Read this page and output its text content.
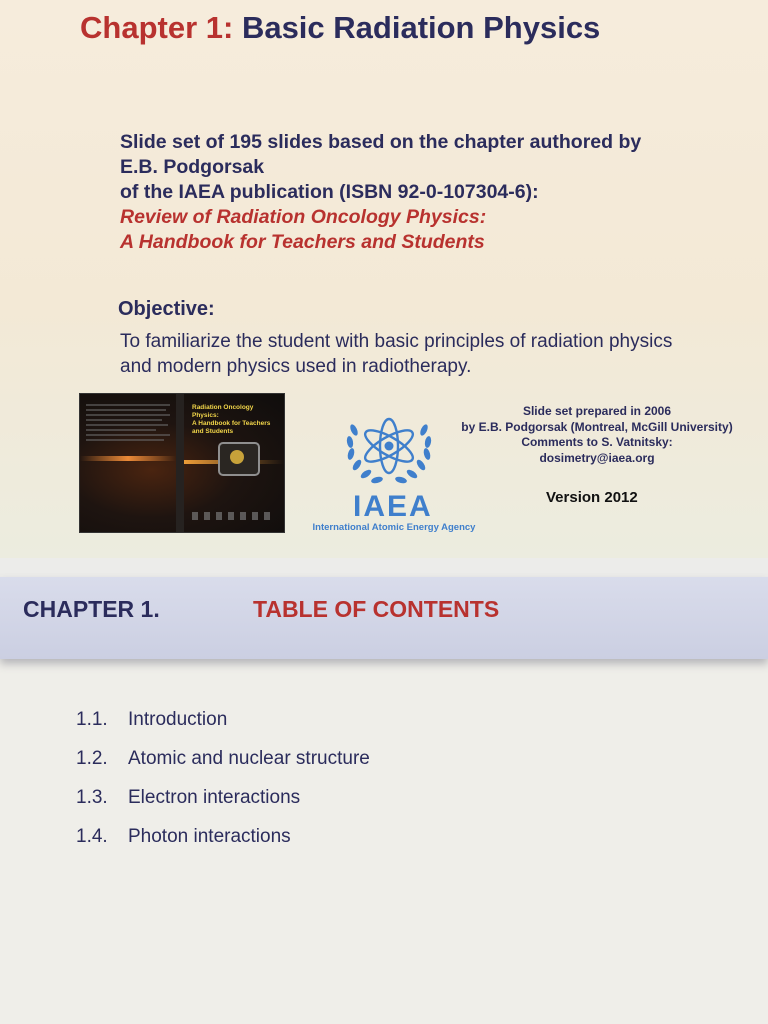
Chapter 1: Basic Radiation Physics
Slide set of 195 slides based on the chapter authored by
E.B. Podgorsak
of the IAEA publication (ISBN 92-0-107304-6):
Review of Radiation Oncology Physics:
A Handbook for Teachers and Students
Objective:
To familiarize the student with basic principles of radiation physics
and modern physics used in radiotherapy.
Radiation Oncology Physics:
A Handbook for Teachers and Students
IAEA
International Atomic Energy Agency
Slide set prepared in 2006
by E.B. Podgorsak (Montreal, McGill University)
Comments to S. Vatnitsky:
dosimetry@iaea.org
Version 2012
CHAPTER 1.	TABLE OF CONTENTS
1.1. Introduction
1.2. Atomic and nuclear structure
1.3. Electron interactions
1.4. Photon interactions
